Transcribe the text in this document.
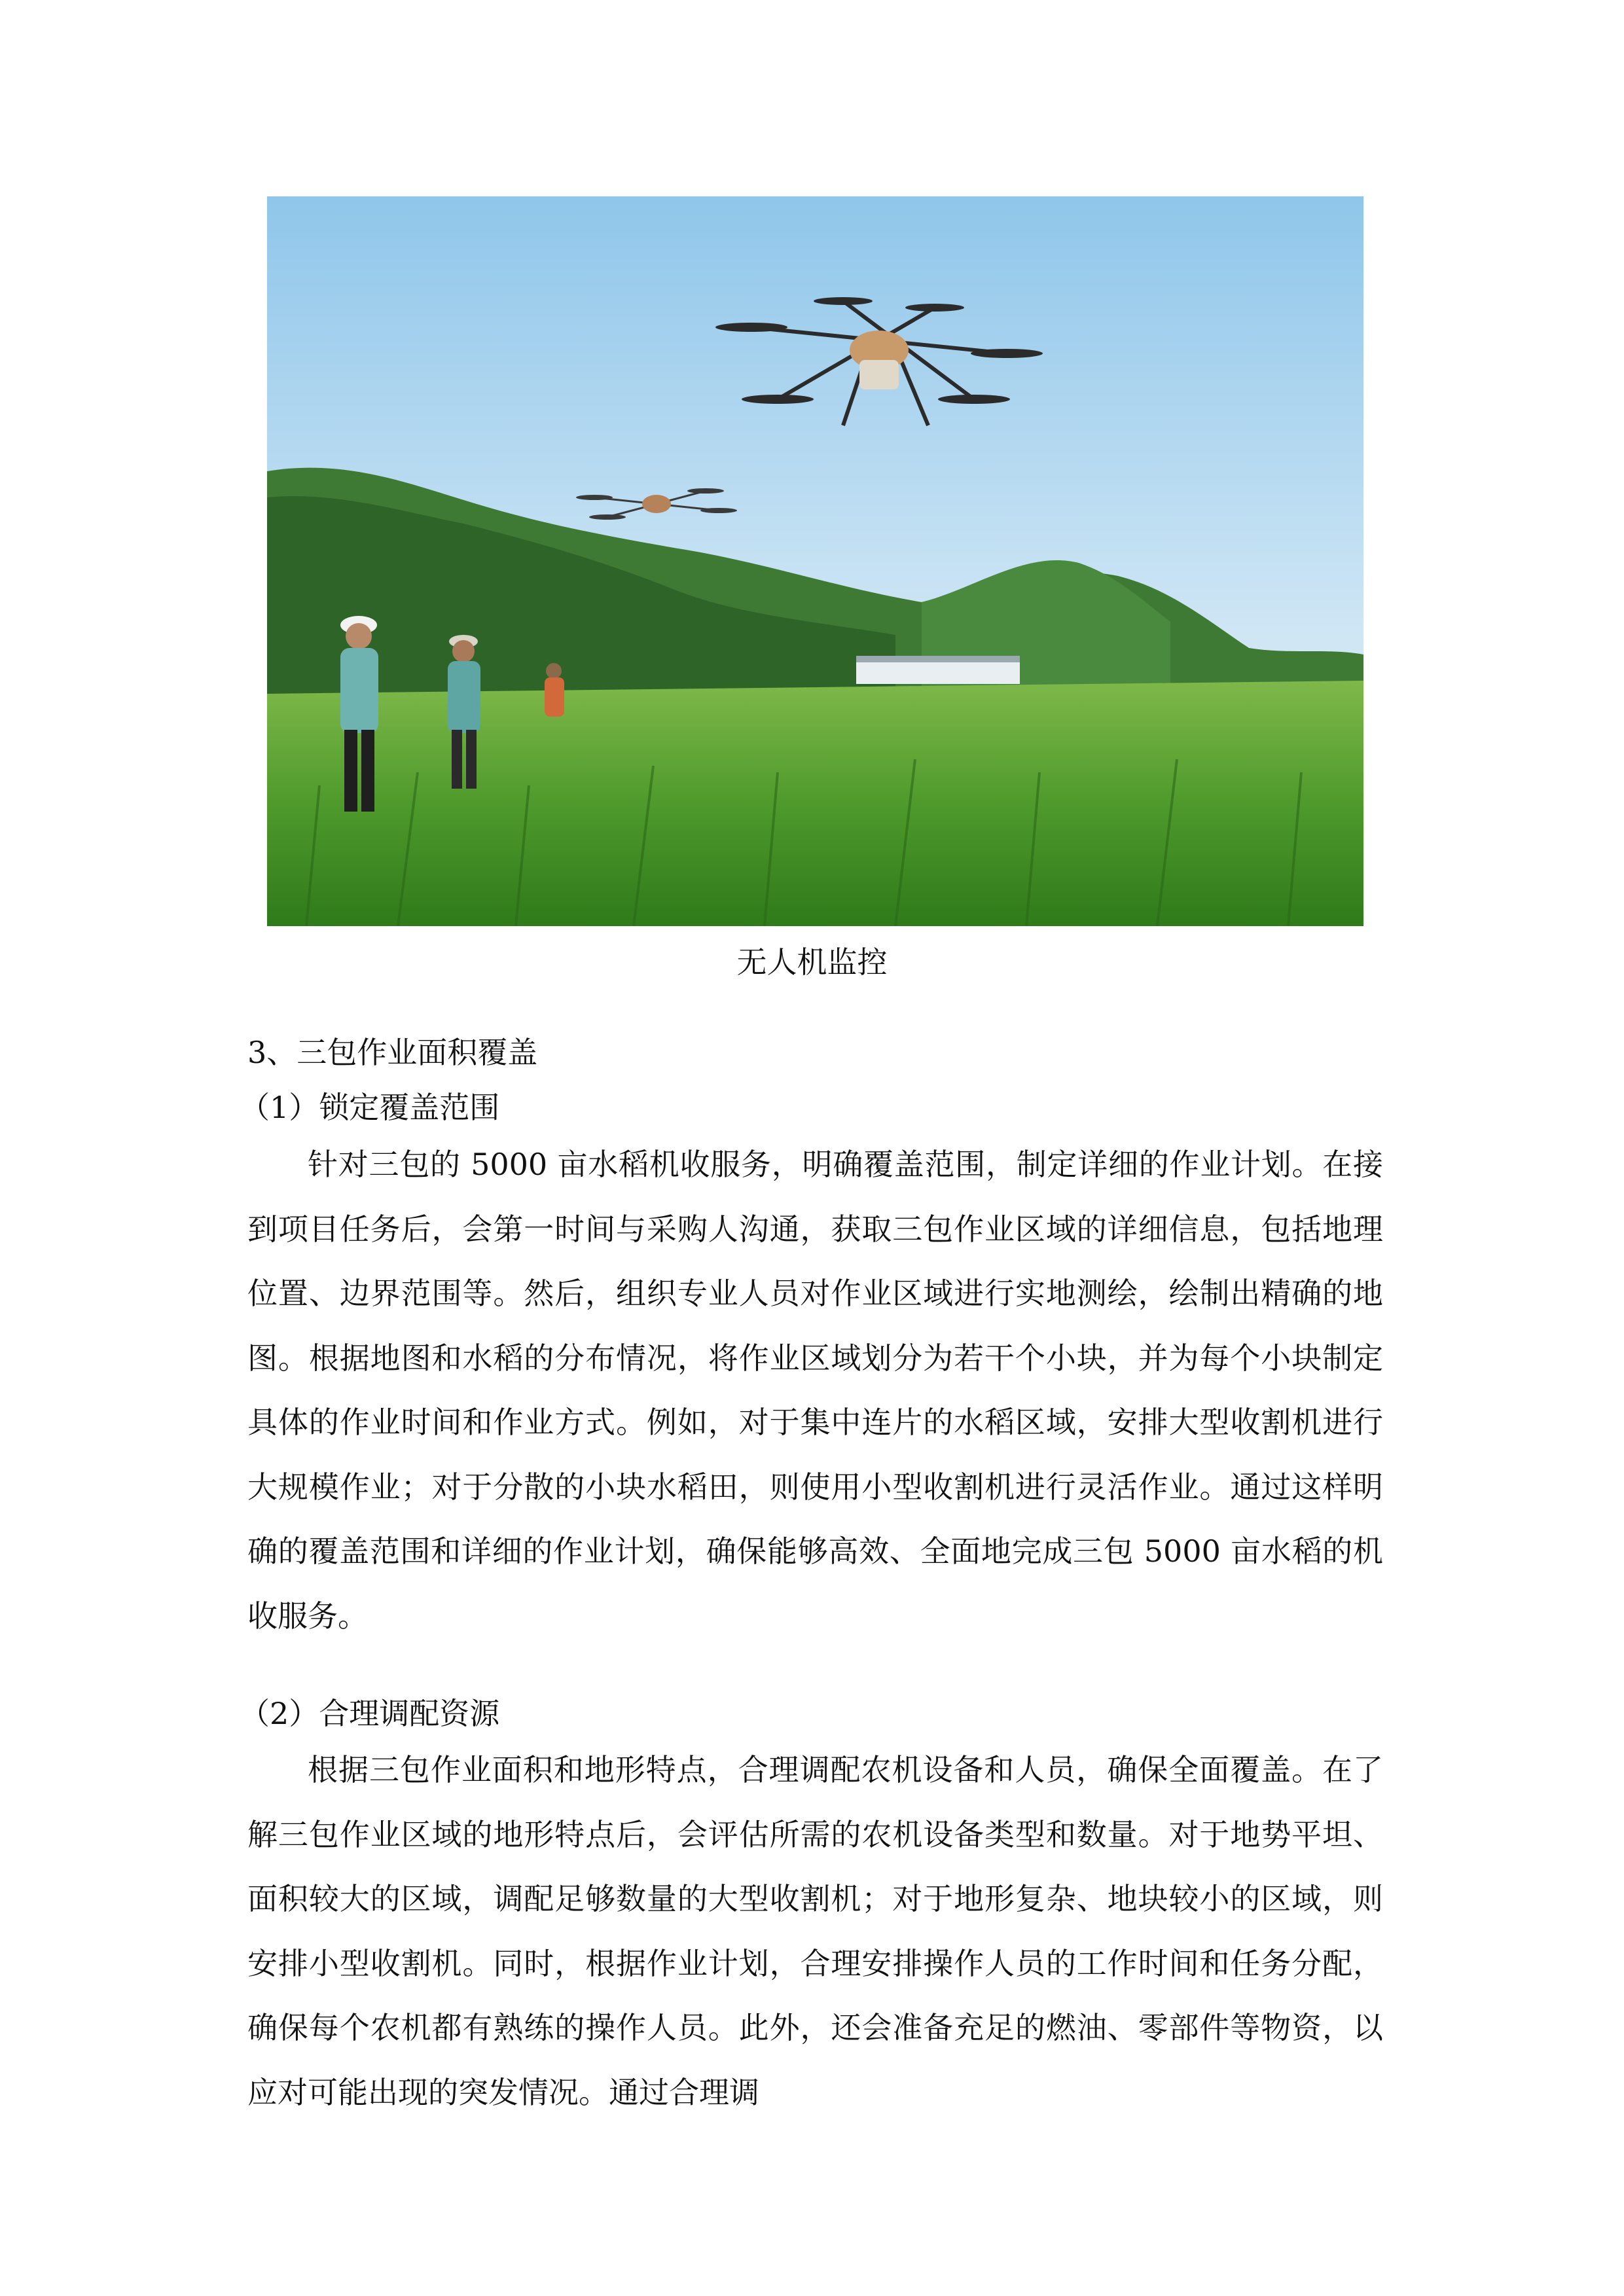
无人机监控
3、三包作业面积覆盖
（1）锁定覆盖范围

针对三包的 5000 亩水稻机收服务，明确覆盖范围，制定详细的作业计划。在接到项目任务后，会第一时间与采购人沟通，获取三包作业区域的详细信息，包括地理位置、边界范围等。然后，组织专业人员对作业区域进行实地测绘，绘制出精确的地图。根据地图和水稻的分布情况，将作业区域划分为若干个小块，并为每个小块制定具体的作业时间和作业方式。例如，对于集中连片的水稻区域，安排大型收割机进行大规模作业；对于分散的小块水稻田，则使用小型收割机进行灵活作业。通过这样明确的覆盖范围和详细的作业计划，确保能够高效、全面地完成三包 5000 亩水稻的机收服务。

（2）合理调配资源

根据三包作业面积和地形特点，合理调配农机设备和人员，确保全面覆盖。在了解三包作业区域的地形特点后，会评估所需的农机设备类型和数量。对于地势平坦、面积较大的区域，调配足够数量的大型收割机；对于地形复杂、地块较小的区域，则安排小型收割机。同时，根据作业计划，合理安排操作人员的工作时间和任务分配，确保每个农机都有熟练的操作人员。此外，还会准备充足的燃油、零部件等物资，以应对可能出现的突发情况。通过合理调
